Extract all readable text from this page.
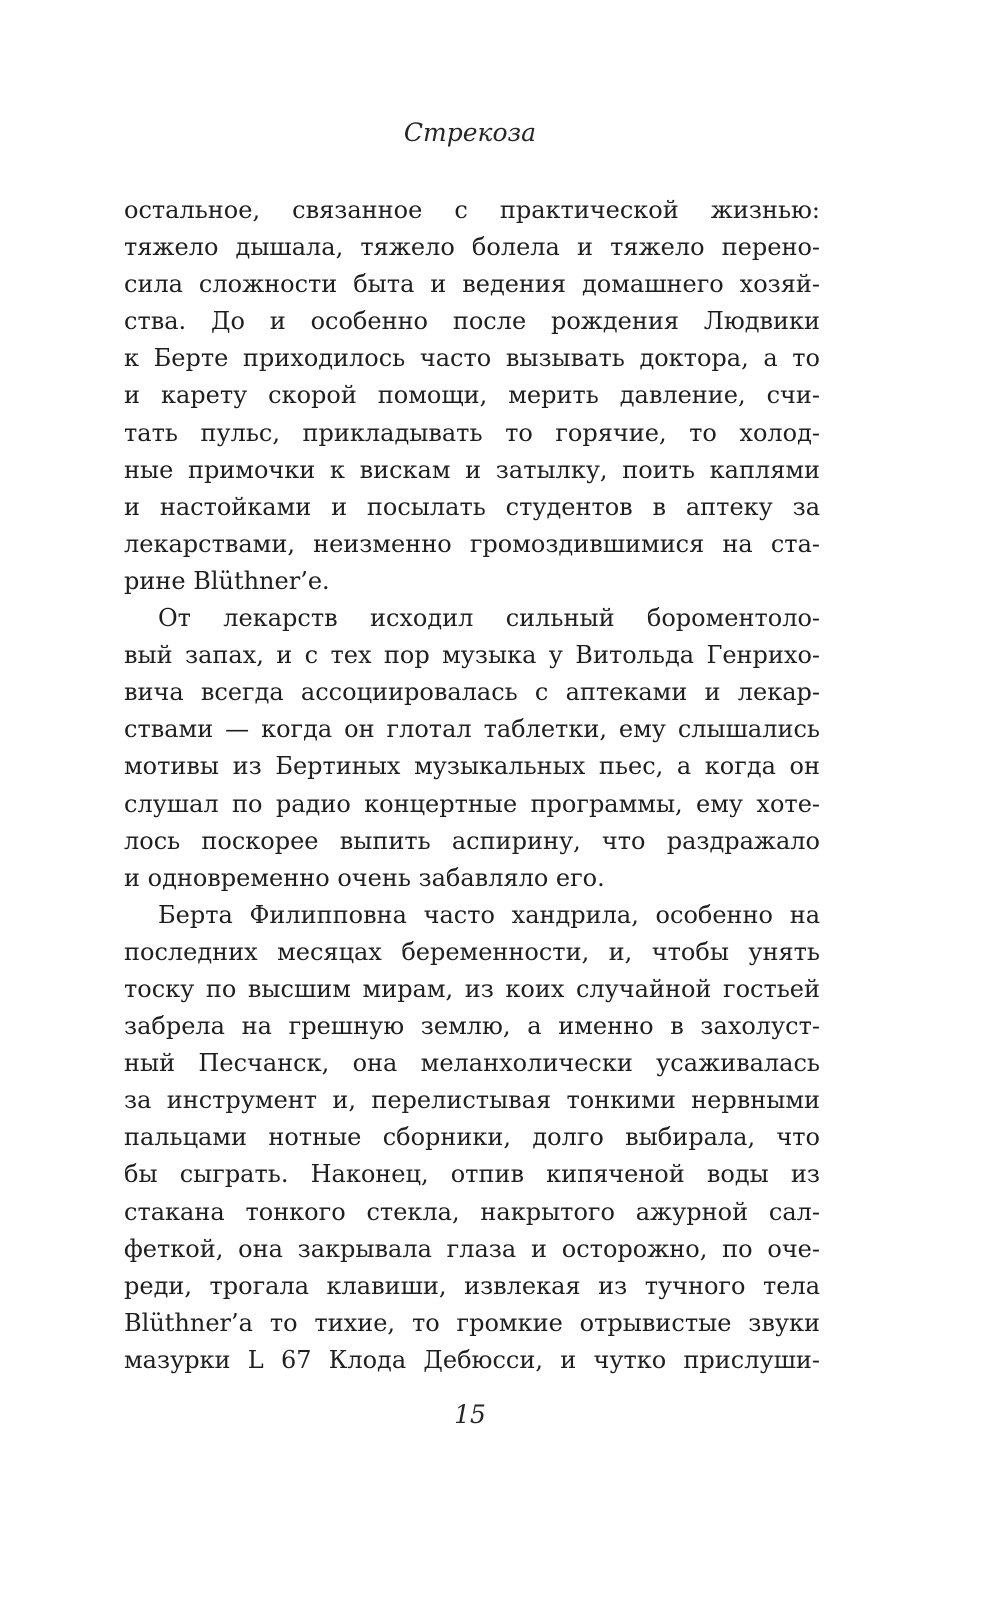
Стрекоза
остальное, связанное с практической жизнью:
тяжело дышала, тяжело болела и тяжело перено-
сила сложности быта и ведения домашнего хозяй-
ства. До и особенно после рождения Людвики
к Берте приходилось часто вызывать доктора, а то
и карету скорой помощи, мерить давление, счи-
тать пульс, прикладывать то горячие, то холод-
ные примочки к вискам и затылку, поить каплями
и настойками и посылать студентов в аптеку за
лекарствами, неизменно громоздившимися на ста-
рине Blüthner’е.
От лекарств исходил сильный бороментоло-
вый запах, и с тех пор музыка у Витольда Генрихо-
вича всегда ассоциировалась с аптеками и лекар-
ствами — когда он глотал таблетки, ему слышались
мотивы из Бертиных музыкальных пьес, а когда он
слушал по радио концертные программы, ему хоте-
лось поскорее выпить аспирину, что раздражало
и одновременно очень забавляло его.
Берта Филипповна часто хандрила, особенно на
последних месяцах беременности, и, чтобы унять
тоску по высшим мирам, из коих случайной гостьей
забрела на грешную землю, а именно в захолуст-
ный Песчанск, она меланхолически усаживалась
за инструмент и, перелистывая тонкими нервными
пальцами нотные сборники, долго выбирала, что
бы сыграть. Наконец, отпив кипяченой воды из
стакана тонкого стекла, накрытого ажурной сал-
феткой, она закрывала глаза и осторожно, по оче-
реди, трогала клавиши, извлекая из тучного тела
Blüthner’а то тихие, то громкие отрывистые звуки
мазурки L 67 Клода Дебюсси, и чутко прислуши-
15
